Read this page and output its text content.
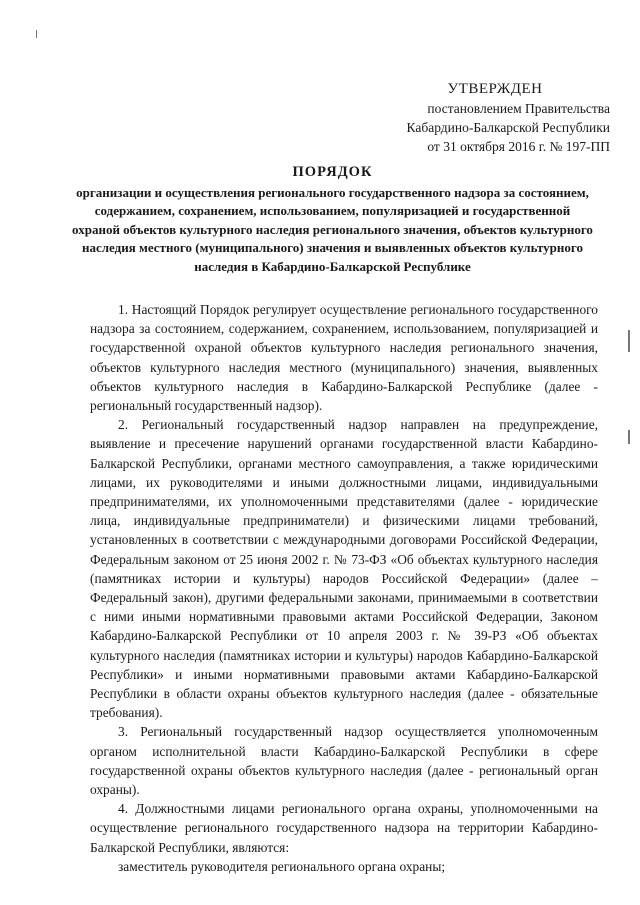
УТВЕРЖДЕН
постановлением Правительства
Кабардино-Балкарской Республики
от 31 октября 2016 г. № 197-ПП
ПОРЯДОК
организации и осуществления регионального государственного надзора за состоянием, содержанием, сохранением, использованием, популяризацией и государственной охраной объектов культурного наследия регионального значения, объектов культурного наследия местного (муниципального) значения и выявленных объектов культурного наследия в Кабардино-Балкарской Республике

1. Настоящий Порядок регулирует осуществление регионального государственного надзора за состоянием, содержанием, сохранением, использованием, популяризацией и государственной охраной объектов культурного наследия регионального значения, объектов культурного наследия местного (муниципального) значения, выявленных объектов культурного наследия в Кабардино-Балкарской Республике (далее - региональный государственный надзор).

2. Региональный государственный надзор направлен на предупреждение, выявление и пресечение нарушений органами государственной власти Кабардино-Балкарской Республики, органами местного самоуправления, а также юридическими лицами, их руководителями и иными должностными лицами, индивидуальными предпринимателями, их уполномоченными представителями (далее - юридические лица, индивидуальные предприниматели) и физическими лицами требований, установленных в соответствии с международными договорами Российской Федерации, Федеральным законом от 25 июня 2002 г. № 73-ФЗ «Об объектах культурного наследия (памятниках истории и культуры) народов Российской Федерации» (далее – Федеральный закон), другими федеральными законами, принимаемыми в соответствии с ними иными нормативными правовыми актами Российской Федерации, Законом Кабардино-Балкарской Республики от 10 апреля 2003 г. № 39-РЗ «Об объектах культурного наследия (памятниках истории и культуры) народов Кабардино-Балкарской Республики» и иными нормативными правовыми актами Кабардино-Балкарской Республики в области охраны объектов культурного наследия (далее - обязательные требования).

3. Региональный государственный надзор осуществляется уполномоченным органом исполнительной власти Кабардино-Балкарской Республики в сфере государственной охраны объектов культурного наследия (далее - региональный орган охраны).

4. Должностными лицами регионального органа охраны, уполномоченными на осуществление регионального государственного надзора на территории Кабардино-Балкарской Республики, являются:

заместитель руководителя регионального органа охраны;
